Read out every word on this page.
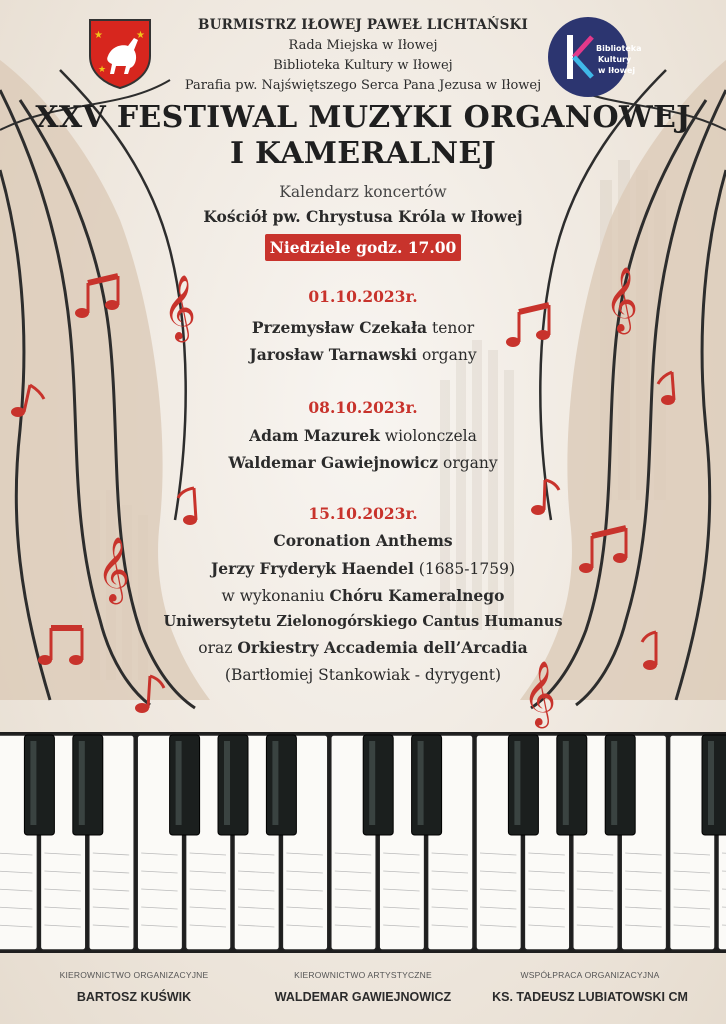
𝄞	𝄞
𝄞
𝄞
★	★
★
Biblioteka
Kultury
w Iłowej
BURMISTRZ IŁOWEJ PAWEŁ LICHTAŃSKI
Rada Miejska w Iłowej
Biblioteka Kultury w Iłowej
Parafia pw. Najświętszego Serca Pana Jezusa w Iłowej
XXV FESTIWAL MUZYKI ORGANOWEJ
I KAMERALNEJ
Kalendarz koncertów
Kościół pw. Chrystusa Króla w Iłowej
Niedziele godz. 17.00
01.10.2023r.
Przemysław Czekała tenor
Jarosław Tarnawski organy
08.10.2023r.
Adam Mazurek wiolonczela
Waldemar Gawiejnowicz organy
15.10.2023r.
Coronation Anthems
Jerzy Fryderyk Haendel (1685-1759)
w wykonaniu Chóru Kameralnego
Uniwersytetu Zielonogórskiego Cantus Humanus
oraz Orkiestry Accademia dell’Arcadia
(Bartłomiej Stankowiak - dyrygent)
KIEROWNICTWO ORGANIZACYJNE
BARTOSZ KUŚWIK
KIEROWNICTWO ARTYSTYCZNE
WALDEMAR GAWIEJNOWICZ
WSPÓŁPRACA ORGANIZACYJNA
KS. TADEUSZ LUBIATOWSKI CM
